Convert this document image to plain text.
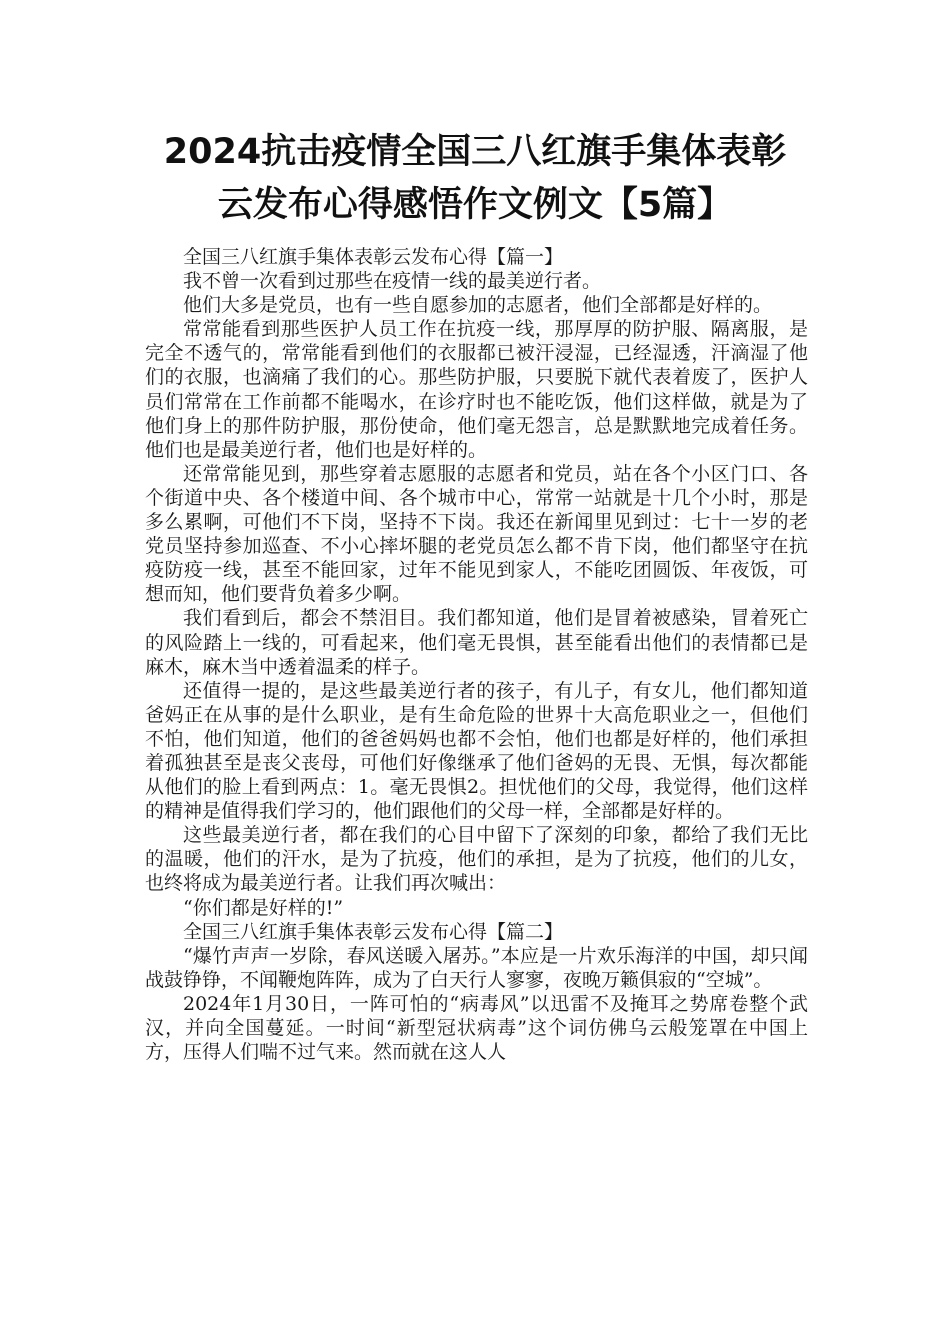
2024抗击疫情全国三八红旗手集体表彰
云发布心得感悟作文例文【5篇】

全国三八红旗手集体表彰云发布心得【篇一】

我不曾一次看到过那些在疫情一线的最美逆行者。

他们大多是党员，也有一些自愿参加的志愿者，他们全部都是好样的。

常常能看到那些医护人员工作在抗疫一线，那厚厚的防护服、隔离服，是完全不透气的，常常能看到他们的衣服都已被汗浸湿，已经湿透，汗滴湿了他们的衣服，也滴痛了我们的心。那些防护服，只要脱下就代表着废了，医护人员们常常在工作前都不能喝水，在诊疗时也不能吃饭，他们这样做，就是为了他们身上的那件防护服，那份使命，他们毫无怨言，总是默默地完成着任务。他们也是最美逆行者，他们也是好样的。

还常常能见到，那些穿着志愿服的志愿者和党员，站在各个小区门口、各个街道中央、各个楼道中间、各个城市中心，常常一站就是十几个小时，那是多么累啊，可他们不下岗，坚持不下岗。我还在新闻里见到过：七十一岁的老党员坚持参加巡查、不小心摔坏腿的老党员怎么都不肯下岗，他们都坚守在抗疫防疫一线，甚至不能回家，过年不能见到家人，不能吃团圆饭、年夜饭，可想而知，他们要背负着多少啊。

我们看到后，都会不禁泪目。我们都知道，他们是冒着被感染，冒着死亡的风险踏上一线的，可看起来，他们毫无畏惧，甚至能看出他们的表情都已是麻木，麻木当中透着温柔的样子。

还值得一提的，是这些最美逆行者的孩子，有儿子，有女儿，他们都知道爸妈正在从事的是什么职业，是有生命危险的世界十大高危职业之一，但他们不怕，他们知道，他们的爸爸妈妈也都不会怕，他们也都是好样的，他们承担着孤独甚至是丧父丧母，可他们好像继承了他们爸妈的无畏、无惧，每次都能从他们的脸上看到两点：1。毫无畏惧2。担忧他们的父母，我觉得，他们这样的精神是值得我们学习的，他们跟他们的父母一样，全部都是好样的。

这些最美逆行者，都在我们的心目中留下了深刻的印象，都给了我们无比的温暖，他们的汗水，是为了抗疫，他们的承担，是为了抗疫，他们的儿女，也终将成为最美逆行者。让我们再次喊出：

“你们都是好样的!”

全国三八红旗手集体表彰云发布心得【篇二】

“爆竹声声一岁除，春风送暖入屠苏。”本应是一片欢乐海洋的中国，却只闻战鼓铮铮，不闻鞭炮阵阵，成为了白天行人寥寥，夜晚万籁俱寂的“空城”。

2024年1月30日，一阵可怕的“病毒风”以迅雷不及掩耳之势席卷整个武汉，并向全国蔓延。一时间“新型冠状病毒”这个词仿佛乌云般笼罩在中国上方，压得人们喘不过气来。然而就在这人人
